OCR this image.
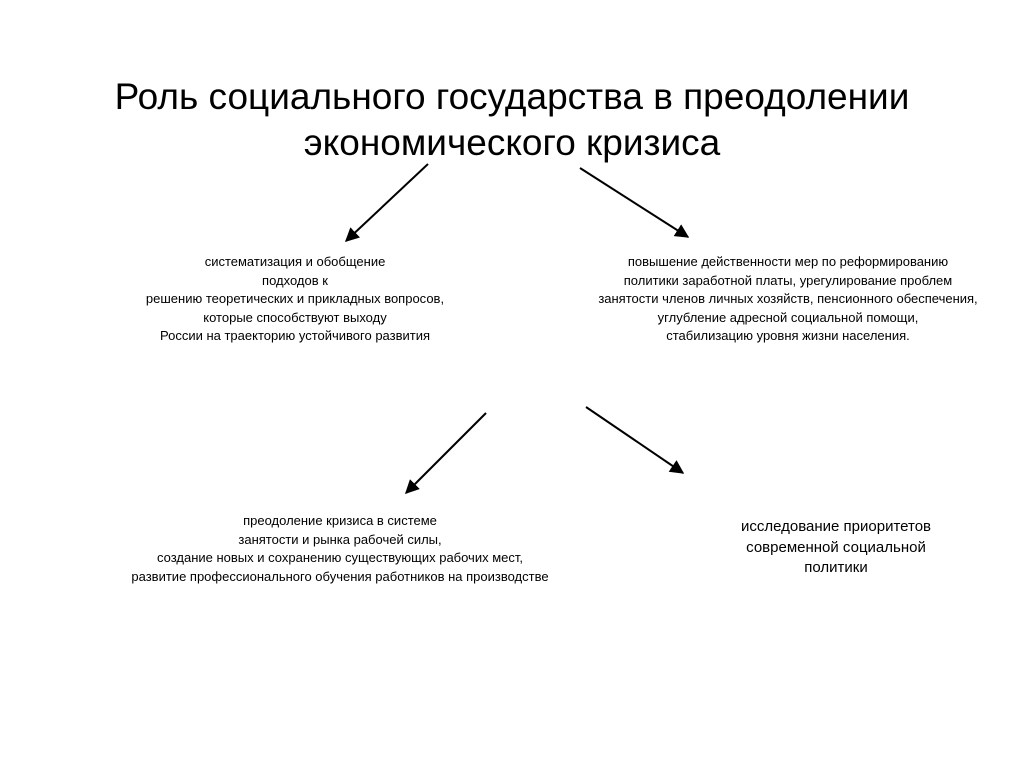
Роль социального государства в преодолении
экономического кризиса
систематизация и обобщение
подходов к
решению теоретических и прикладных вопросов,
которые способствуют выходу
России на траекторию устойчивого развития
повышение действенности мер по реформированию
политики заработной платы, урегулирование проблем
занятости членов личных хозяйств, пенсионного обеспечения,
углубление адресной социальной помощи,
стабилизацию уровня жизни населения.
преодоление кризиса в системе
занятости и рынка рабочей силы,
создание новых и сохранению существующих рабочих мест,
развитие профессионального обучения работников на производстве
исследование приоритетов
современной социальной
политики
